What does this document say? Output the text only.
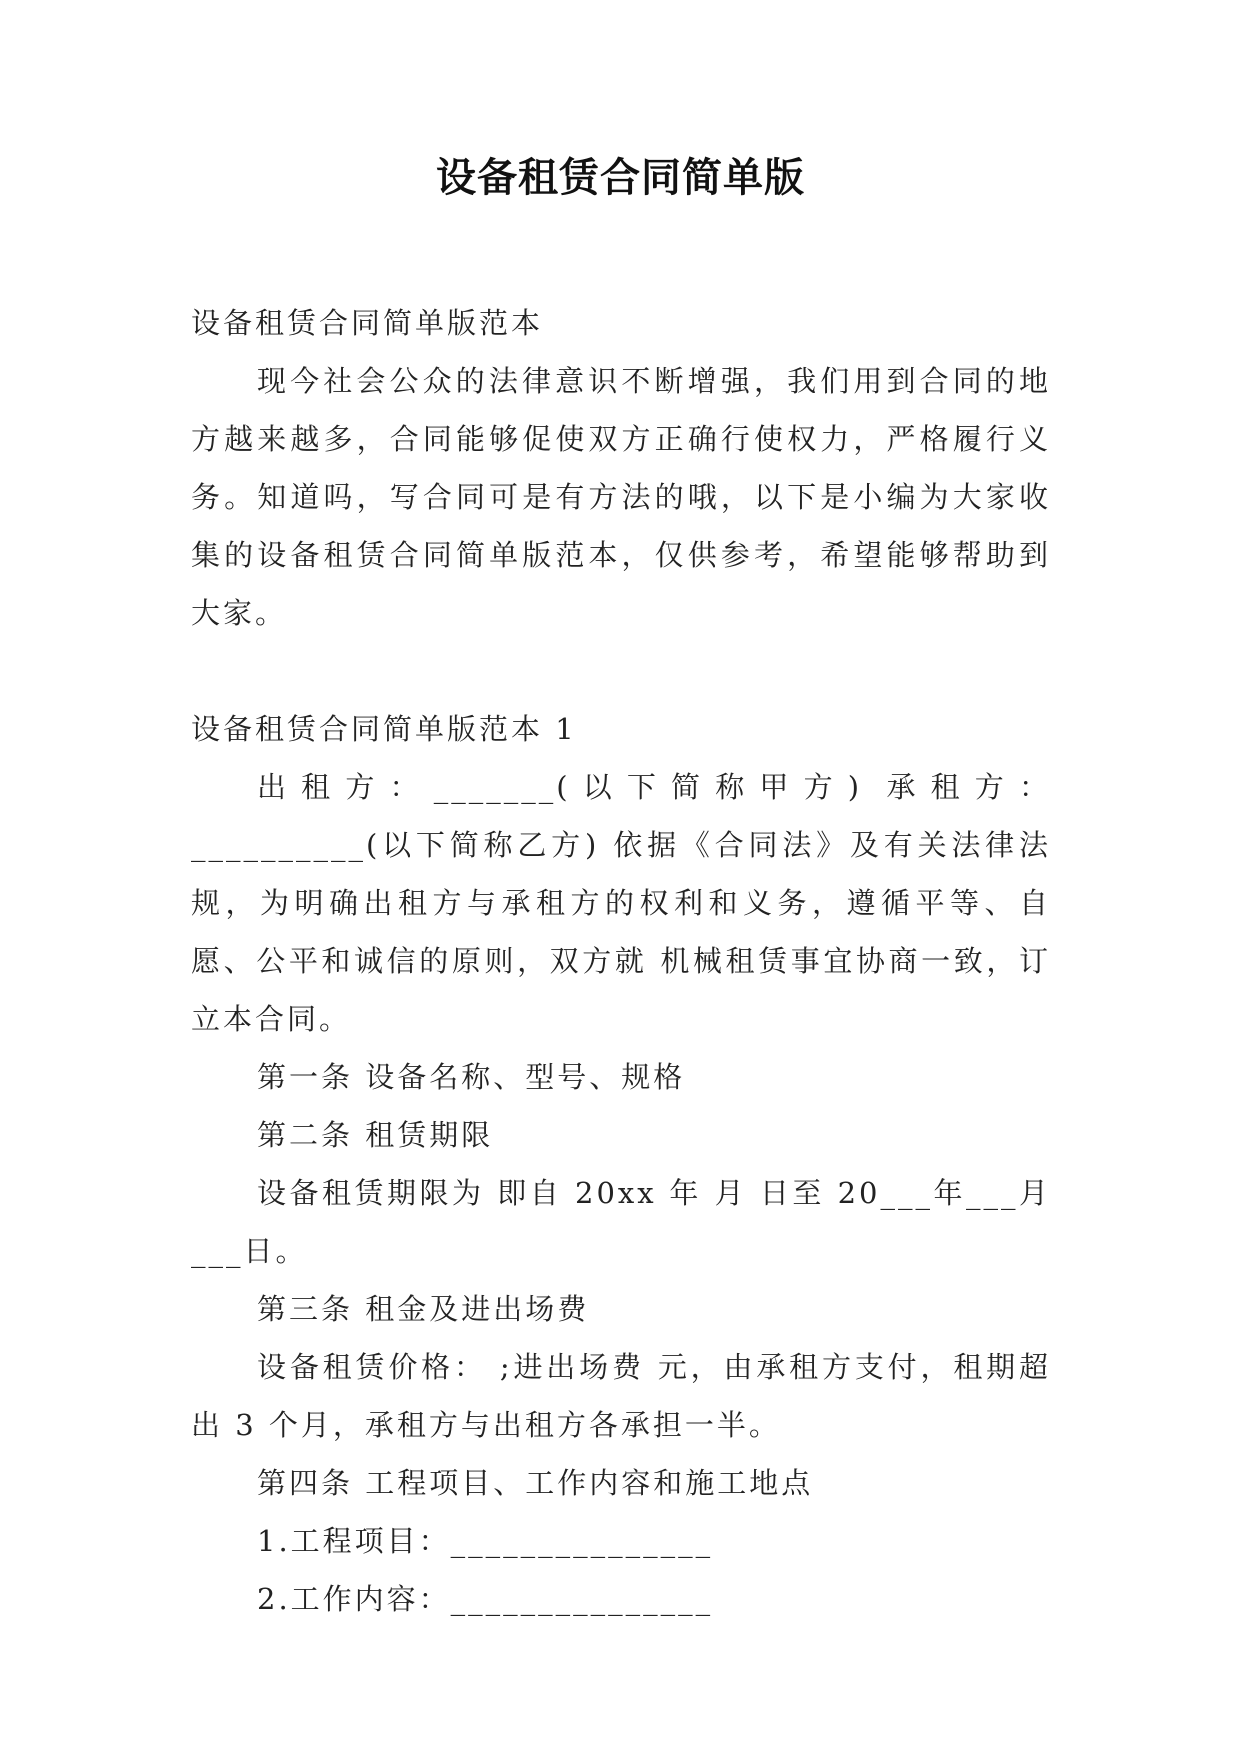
设备租赁合同简单版

设备租赁合同简单版范本

现今社会公众的法律意识不断增强，我们用到合同的地方越来越多，合同能够促使双方正确行使权力，严格履行义务。知道吗，写合同可是有方法的哦，以下是小编为大家收集的设备租赁合同简单版范本，仅供参考，希望能够帮助到大家。

设备租赁合同简单版范本 1

出租方：_______(以下简称甲方) 承租方：__________(以下简称乙方) 依据《合同法》及有关法律法规，为明确出租方与承租方的权利和义务，遵循平等、自愿、公平和诚信的原则，双方就 机械租赁事宜协商一致，订立本合同。

第一条 设备名称、型号、规格

第二条 租赁期限

设备租赁期限为 即自 20xx 年 月 日至 20___年___月___日。

第三条 租金及进出场费

设备租赁价格： ;进出场费 元，由承租方支付，租期超出 3 个月，承租方与出租方各承担一半。

第四条 工程项目、工作内容和施工地点

1.工程项目：_______________

2.工作内容：_______________
